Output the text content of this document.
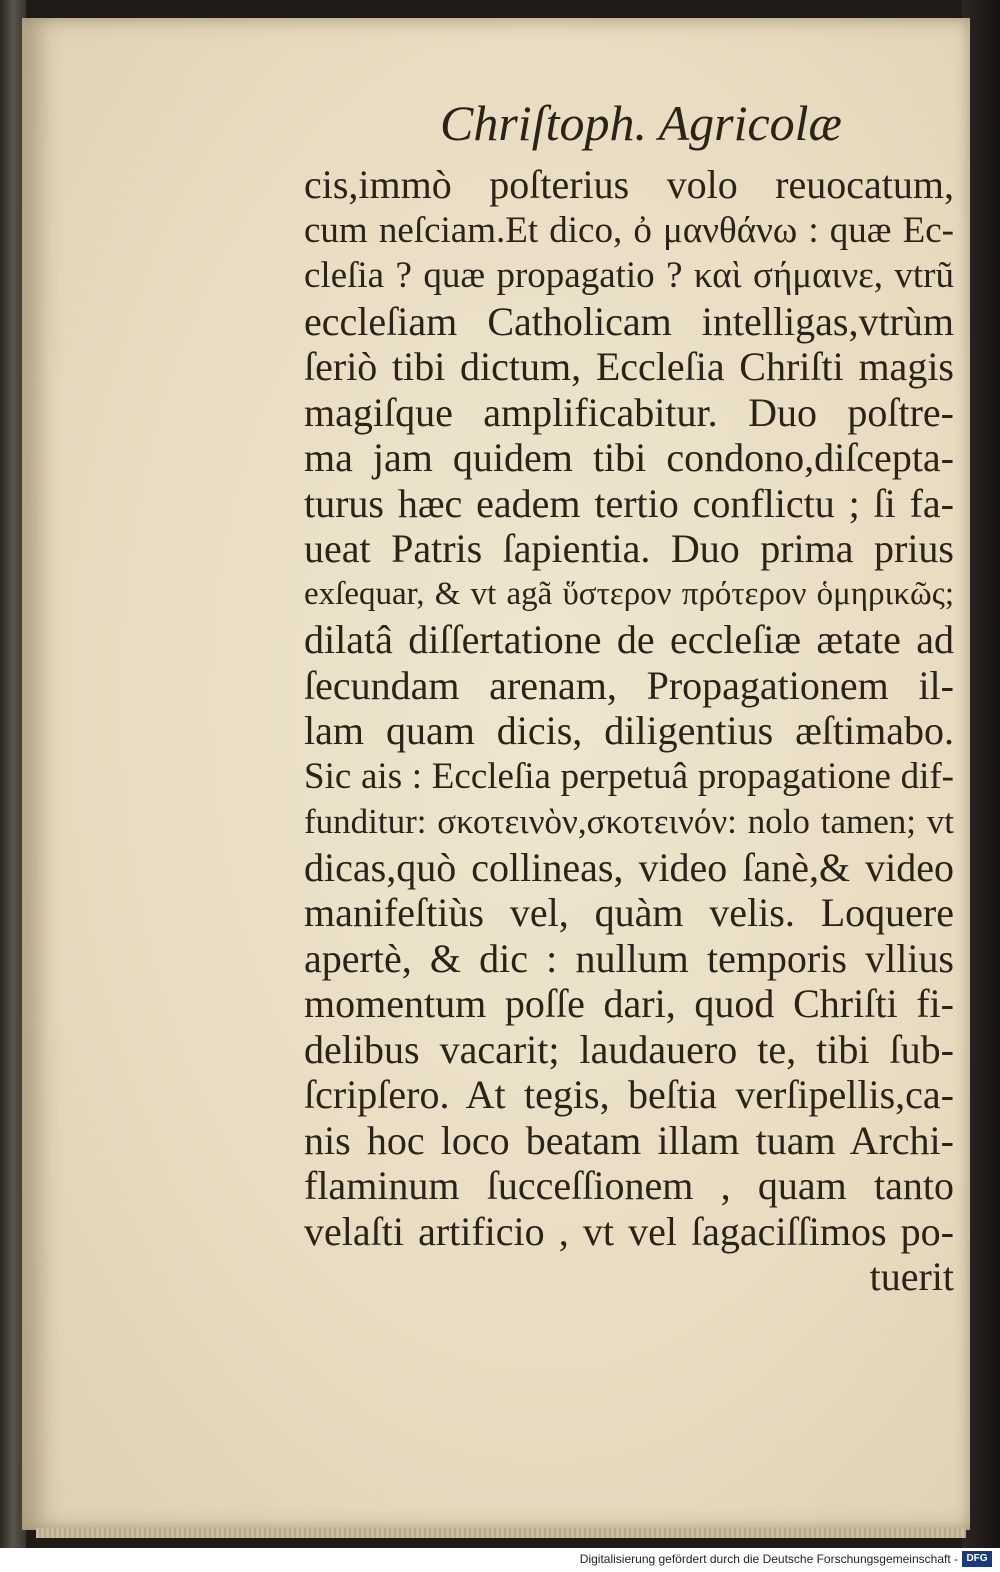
Chriſtoph. Agricolæ
cis,immò poſterius volo reuocatum,
cum neſciam.Et dico, ὀ μανθάνω : quæ Ec-
cleſia ? quæ propagatio ? καὶ σήμαινε, vtrũ
eccleſiam Catholicam intelligas,vtrùm
ſeriò tibi dictum, Eccleſia Chriſti magis
magiſque amplificabitur. Duo poſtre-
ma jam quidem tibi condono,diſcepta-
turus hæc eadem tertio conflictu ; ſi fa-
ueat Patris ſapientia. Duo prima prius
exſequar, & vt agã ὕστερον πρότερον ὁμηρικῶς;
dilatâ diſſertatione de eccleſiæ ætate ad
ſecundam arenam, Propagationem il-
lam quam dicis, diligentius æſtimabo.
Sic ais : Eccleſia perpetuâ propagatione dif-
funditur: σκοτεινὸν,σκοτεινόν: nolo tamen; vt
dicas,quò collineas, video ſanè,& video
manifeſtiùs vel, quàm velis. Loquere
apertè, & dic : nullum temporis vllius
momentum poſſe dari, quod Chriſti fi-
delibus vacarit; laudauero te, tibi ſub-
ſcripſero. At tegis, beſtia verſipellis,ca-
nis hoc loco beatam illam tuam Archi-
flaminum ſucceſſionem , quam tanto
velaſti artificio , vt vel ſagaciſſimos po-
tuerit
Digitalisierung gefördert durch die Deutsche Forschungsgemeinschaft - DFG
